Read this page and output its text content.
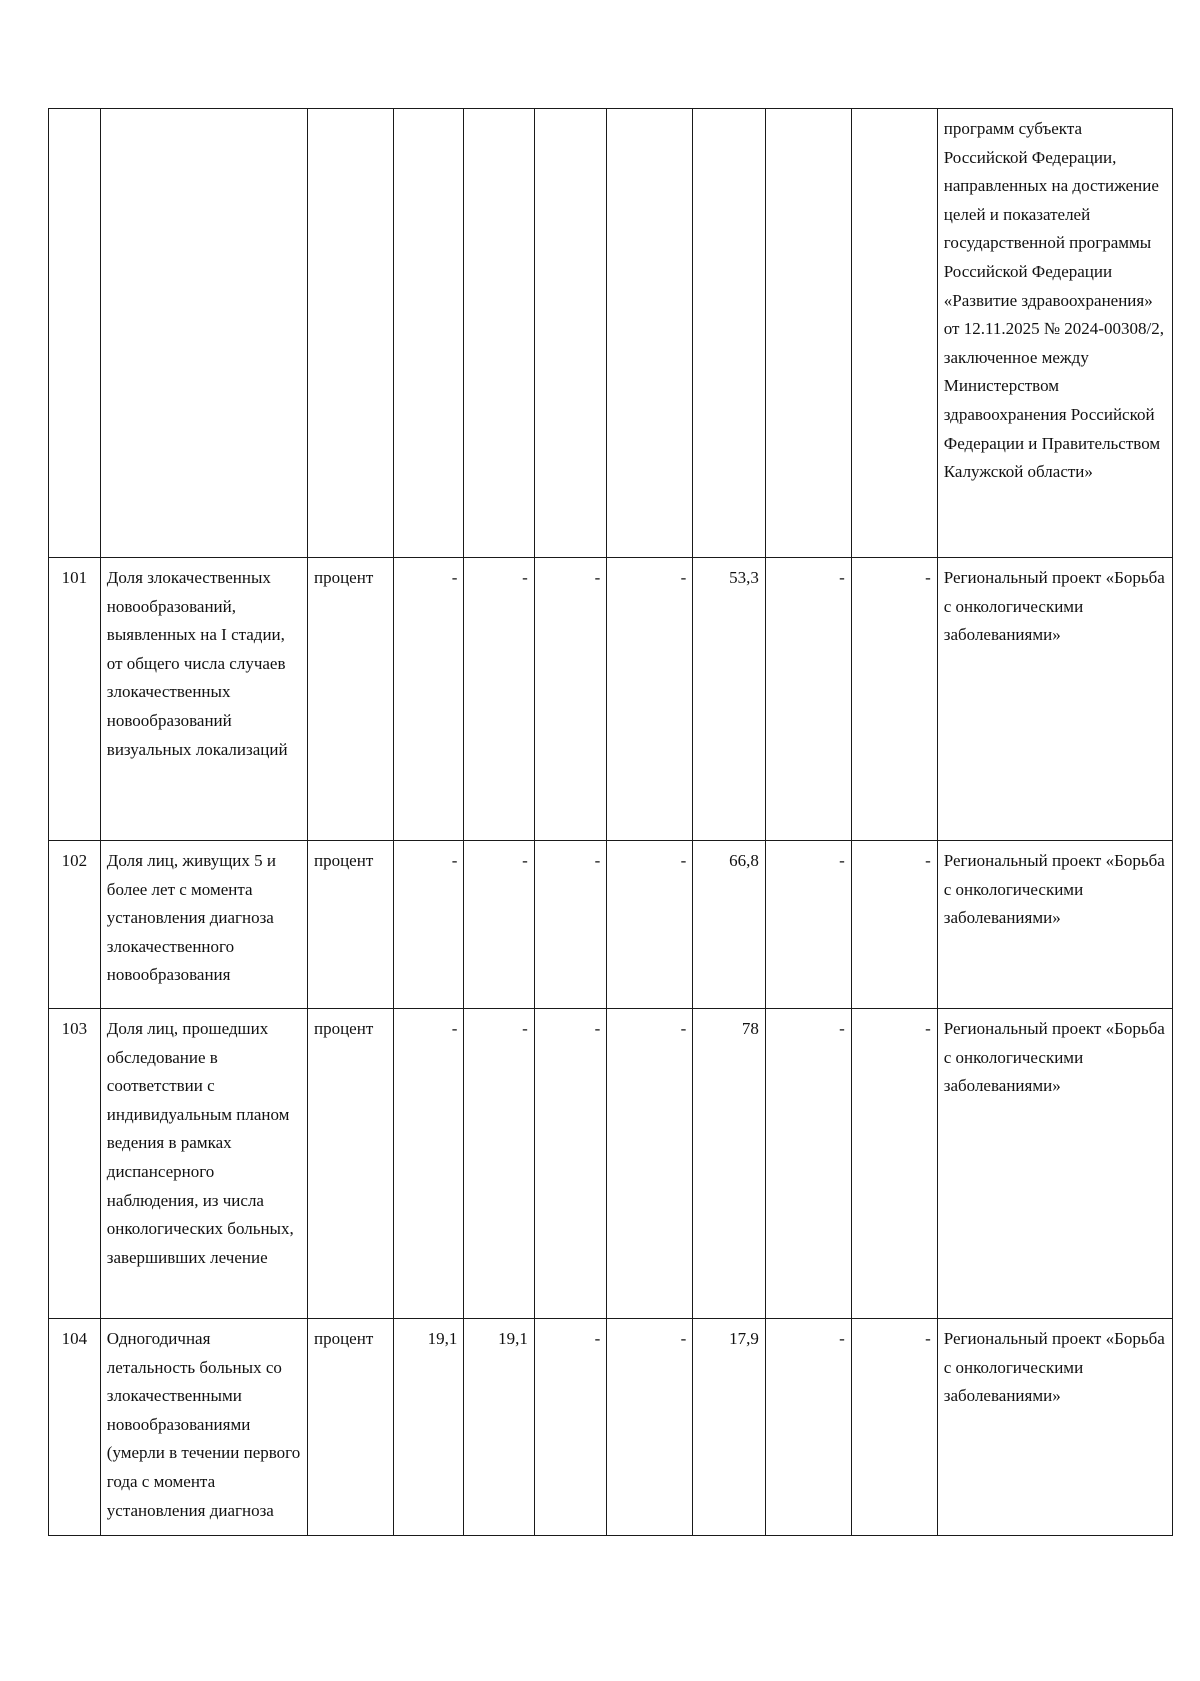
										программ субъекта Российской Федерации, направленных на достижение целей и показателей государственной программы Российской Федерации «Развитие здравоохранения» от 12.11.2025 № 2024-00308/2, заключенное между Министерством здравоохранения Российской Федерации и Правительством Калужской области»
101	Доля злокачественных новообразований, выявленных на I стадии, от общего числа случаев злокачественных новообразований визуальных локализаций	процент	-	-	-	-	53,3	-	-	Региональный проект «Борьба с онкологическими заболеваниями»
102	Доля лиц, живущих 5 и более лет с момента установления диагноза злокачественного новообразования	процент	-	-	-	-	66,8	-	-	Региональный проект «Борьба с онкологическими заболеваниями»
103	Доля лиц, прошедших обследование в соответствии с индивидуальным планом ведения в рамках диспансерного наблюдения, из числа онкологических больных, завершивших лечение	процент	-	-	-	-	78	-	-	Региональный проект «Борьба с онкологическими заболеваниями»
104	Одногодичная летальность больных со злокачественными новообразованиями (умерли в течении первого года с момента установления диагноза	процент	19,1	19,1	-	-	17,9	-	-	Региональный проект «Борьба с онкологическими заболеваниями»
